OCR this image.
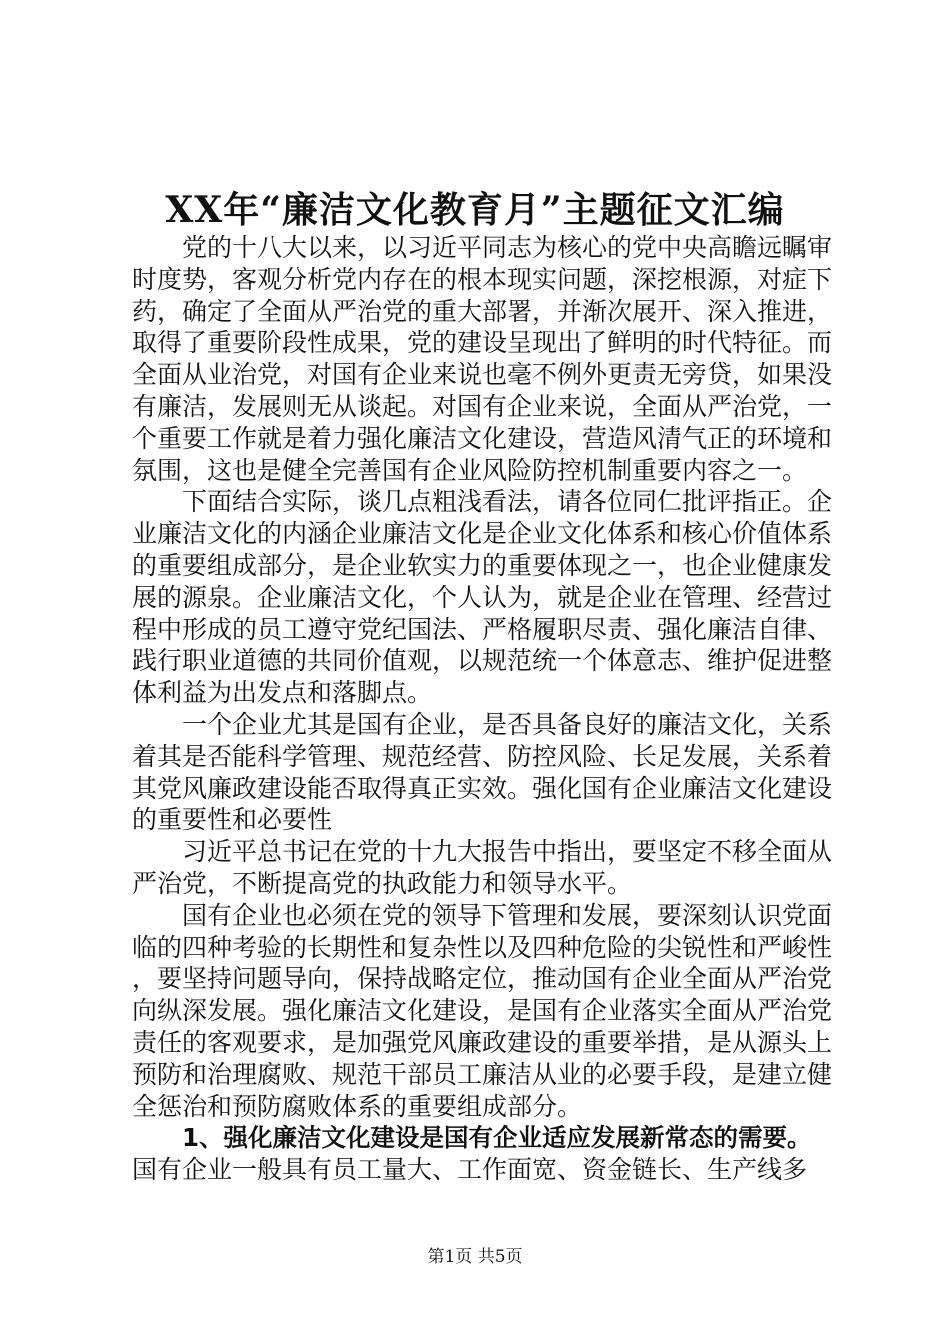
XX年“廉洁文化教育月”主题征文汇编

党的十八大以来，以习近平同志为核心的党中央高瞻远瞩审时度势，客观分析党内存在的根本现实问题，深挖根源，对症下药，确定了全面从严治党的重大部署，并渐次展开、深入推进，取得了重要阶段性成果，党的建设呈现出了鲜明的时代特征。而全面从业治党，对国有企业来说也毫不例外更责无旁贷，如果没有廉洁，发展则无从谈起。对国有企业来说，全面从严治党，一个重要工作就是着力强化廉洁文化建设，营造风清气正的环境和氛围，这也是健全完善国有企业风险防控机制重要内容之一。

下面结合实际，谈几点粗浅看法，请各位同仁批评指正。企业廉洁文化的内涵企业廉洁文化是企业文化体系和核心价值体系的重要组成部分，是企业软实力的重要体现之一，也企业健康发展的源泉。企业廉洁文化，个人认为，就是企业在管理、经营过程中形成的员工遵守党纪国法、严格履职尽责、强化廉洁自律、践行职业道德的共同价值观，以规范统一个体意志、维护促进整体利益为出发点和落脚点。

一个企业尤其是国有企业，是否具备良好的廉洁文化，关系着其是否能科学管理、规范经营、防控风险、长足发展，关系着其党风廉政建设能否取得真正实效。强化国有企业廉洁文化建设的重要性和必要性

习近平总书记在党的十九大报告中指出，要坚定不移全面从严治党，不断提高党的执政能力和领导水平。

国有企业也必须在党的领导下管理和发展，要深刻认识党面临的四种考验的长期性和复杂性以及四种危险的尖锐性和严峻性，要坚持问题导向，保持战略定位，推动国有企业全面从严治党向纵深发展。强化廉洁文化建设，是国有企业落实全面从严治党责任的客观要求，是加强党风廉政建设的重要举措，是从源头上预防和治理腐败、规范干部员工廉洁从业的必要手段，是建立健全惩治和预防腐败体系的重要组成部分。

1、强化廉洁文化建设是国有企业适应发展新常态的需要。

国有企业一般具有员工量大、工作面宽、资金链长、生产线多

第1页 共5页
